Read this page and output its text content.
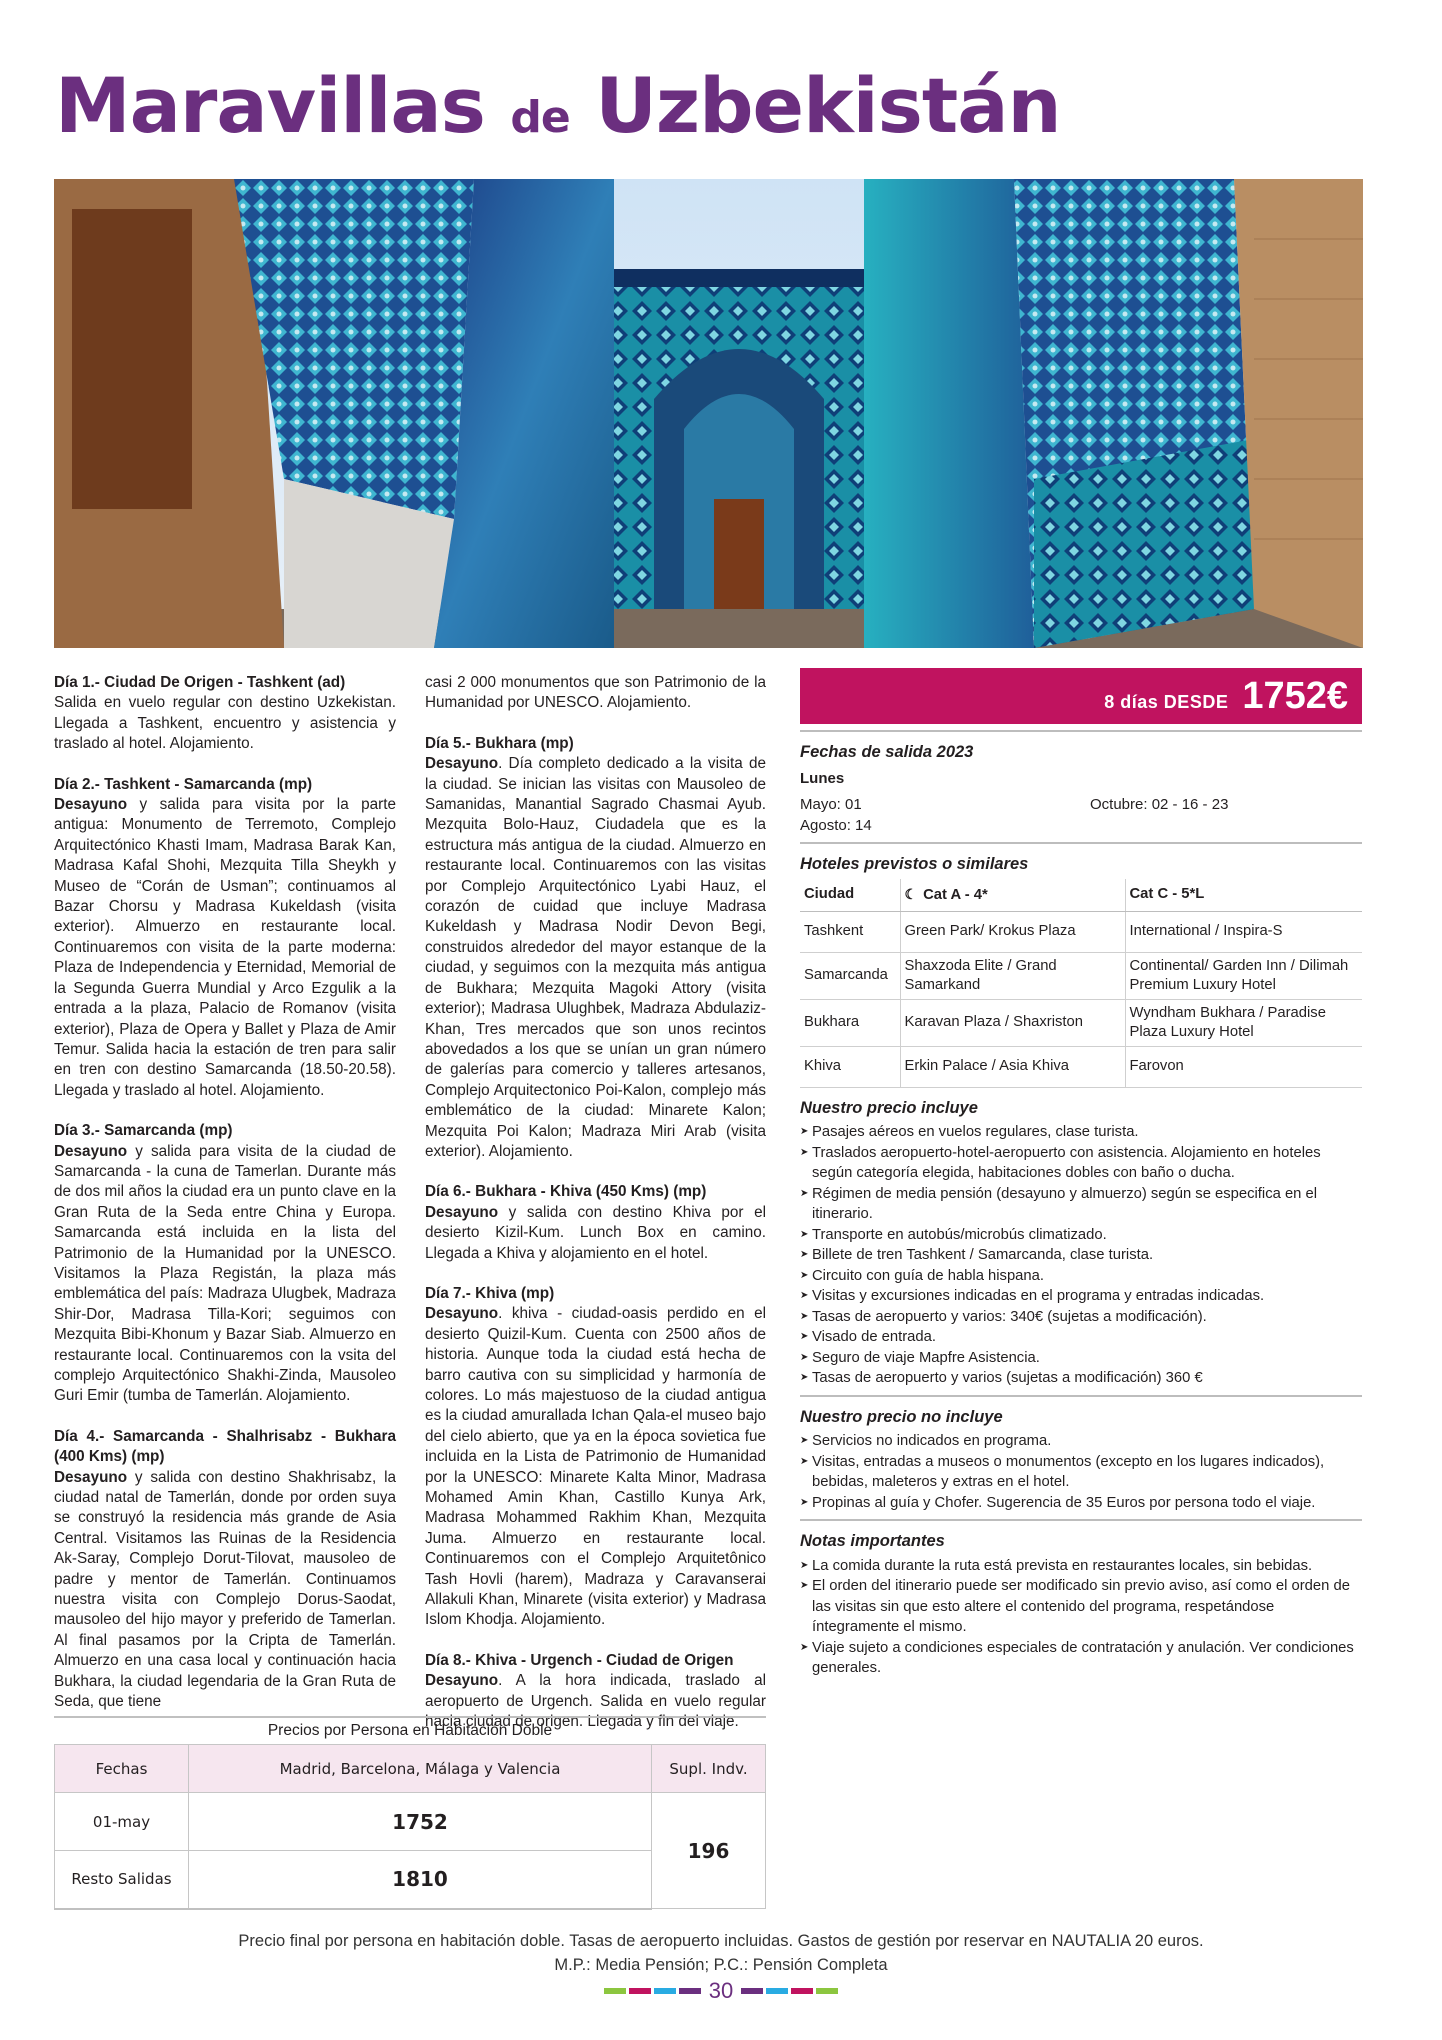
Maravillas de Uzbekistán
Día 1.- Ciudad De Origen - Tashkent (ad)

Salida en vuelo regular con destino Uzkekistan. Llegada a Tashkent, encuentro y asistencia y traslado al hotel. Alojamiento.

Día 2.- Tashkent - Samarcanda (mp)

Desayuno y salida para visita por la parte antigua: Monumento de Terremoto, Complejo Arquitectónico Khasti Imam, Madrasa Barak Kan, Madrasa Kafal Shohi, Mezquita Tilla Sheykh y Museo de “Corán de Usman”; continuamos al Bazar Chorsu y Madrasa Kukeldash (visita exterior). Almuerzo en restaurante local. Continuaremos con visita de la parte moderna: Plaza de Independencia y Eternidad, Memorial de la Segunda Guerra Mundial y Arco Ezgulik a la entrada a la plaza, Palacio de Romanov (visita exterior), Plaza de Opera y Ballet y Plaza de Amir Temur. Salida hacia la estación de tren para salir en tren con destino Samarcanda (18.50-20.58). Llegada y traslado al hotel. Alojamiento.

Día 3.- Samarcanda (mp)

Desayuno y salida para visita de la ciudad de Samarcanda - la cuna de Tamerlan. Durante más de dos mil años la ciudad era un punto clave en la Gran Ruta de la Seda entre China y Europa. Samarcanda está incluida en la lista del Patrimonio de la Humanidad por la UNESCO. Visitamos la Plaza Registán, la plaza más emblemática del país: Madraza Ulugbek, Madraza Shir-Dor, Madrasa Tilla-Kori; seguimos con Mezquita Bibi-Khonum y Bazar Siab. Almuerzo en restaurante local. Continuaremos con la vsita del complejo Arquitectónico Shakhi-Zinda, Mausoleo Guri Emir (tumba de Tamerlán. Alojamiento.

Día 4.- Samarcanda - Shalhrisabz - Bukhara (400 Kms) (mp)

Desayuno y salida con destino Shakhrisabz, la ciudad natal de Tamerlán, donde por orden suya se construyó la residencia más grande de Asia Central. Visitamos las Ruinas de la Residencia Ak-Saray, Complejo Dorut-Tilovat, mausoleo de padre y mentor de Tamerlán. Continuamos nuestra visita con Complejo Dorus-Saodat, mausoleo del hijo mayor y preferido de Tamerlan. Al final pasamos por la Cripta de Tamerlán. Almuerzo en una casa local y continuación hacia Bukhara, la ciudad legendaria de la Gran Ruta de Seda, que tiene

casi 2 000 monumentos que son Patrimonio de la Humanidad por UNESCO. Alojamiento.

Día 5.- Bukhara (mp)

Desayuno. Día completo dedicado a la visita de la ciudad. Se inician las visitas con Mausoleo de Samanidas, Manantial Sagrado Chasmai Ayub. Mezquita Bolo-Hauz, Ciudadela que es la estructura más antigua de la ciudad. Almuerzo en restaurante local. Continuaremos con las visitas por Complejo Arquitectónico Lyabi Hauz, el corazón de cuidad que incluye Madrasa Kukeldash y Madrasa Nodir Devon Begi, construidos alrededor del mayor estanque de la ciudad, y seguimos con la mezquita más antigua de Bukhara; Mezquita Magoki Attory (visita exterior); Madrasa Ulughbek, Madraza Abdulaziz-Khan, Tres mercados que son unos recintos abovedados a los que se unían un gran número de galerías para comercio y talleres artesanos, Complejo Arquitectonico Poi-Kalon, complejo más emblemático de la ciudad: Minarete Kalon; Mezquita Poi Kalon; Madraza Miri Arab (visita exterior). Alojamiento.

Día 6.- Bukhara - Khiva (450 Kms) (mp)

Desayuno y salida con destino Khiva por el desierto Kizil-Kum. Lunch Box en camino. Llegada a Khiva y alojamiento en el hotel.

Día 7.- Khiva (mp)

Desayuno. khiva - ciudad-oasis perdido en el desierto Quizil-Kum. Cuenta con 2500 años de historia. Aunque toda la ciudad está hecha de barro cautiva con su simplicidad y harmonía de colores. Lo más majestuoso de la ciudad antigua es la ciudad amurallada Ichan Qala-el museo bajo del cielo abierto, que ya en la época sovietica fue incluida en la Lista de Patrimonio de Humanidad por la UNESCO: Minarete Kalta Minor, Madrasa Mohamed Amin Khan, Castillo Kunya Ark, Madrasa Mohammed Rakhim Khan, Mezquita Juma. Almuerzo en restaurante local. Continuaremos con el Complejo Arquitetônico Tash Hovli (harem), Madraza y Caravanserai Allakuli Khan, Minarete (visita exterior) y Madrasa Islom Khodja. Alojamiento.

Día 8.- Khiva - Urgench - Ciudad de Origen

Desayuno. A la hora indicada, traslado al aeropuerto de Urgench. Salida en vuelo regular hacia ciudad de origen. Llegada y fin del viaje.

8 días DESDE 1752€
Fechas de salida 2023
Lunes
Mayo: 01
Agosto: 14
Octubre: 02 - 16 - 23
Hoteles previstos o similares
Ciudad	☾ Cat A - 4*	Cat C - 5*L
Tashkent	Green Park/ Krokus Plaza	International / Inspira-S
Samarcanda	Shaxzoda Elite / Grand Samarkand	Continental/ Garden Inn / Dilimah Premium Luxury Hotel
Bukhara	Karavan Plaza / Shaxriston	Wyndham Bukhara / Paradise Plaza Luxury Hotel
Khiva	Erkin Palace / Asia Khiva	Farovon
Nuestro precio incluye
➤ Pasajes aéreos en vuelos regulares, clase turista.
➤ Traslados aeropuerto-hotel-aeropuerto con asistencia. Alojamiento en hoteles según categoría elegida, habitaciones dobles con baño o ducha.
➤ Régimen de media pensión (desayuno y almuerzo) según se especifica en el itinerario.
➤ Transporte en autobús/microbús climatizado.
➤ Billete de tren Tashkent / Samarcanda, clase turista.
➤ Circuito con guía de habla hispana.
➤ Visitas y excursiones indicadas en el programa y entradas indicadas.
➤ Tasas de aeropuerto y varios: 340€ (sujetas a modificación).
➤ Visado de entrada.
➤ Seguro de viaje Mapfre Asistencia.
➤ Tasas de aeropuerto y varios (sujetas a modificación) 360 €
Nuestro precio no incluye
➤ Servicios no indicados en programa.
➤ Visitas, entradas a museos o monumentos (excepto en los lugares indicados), bebidas, maleteros y extras en el hotel.
➤ Propinas al guía y Chofer. Sugerencia de 35 Euros por persona todo el viaje.
Notas importantes
➤ La comida durante la ruta está prevista en restaurantes locales, sin bebidas.
➤ El orden del itinerario puede ser modificado sin previo aviso, así como el orden de las visitas sin que esto altere el contenido del programa, respetándose íntegramente el mismo.
➤ Viaje sujeto a condiciones especiales de contratación y anulación. Ver condiciones generales.
Precios por Persona en Habitación Doble
Fechas	Madrid, Barcelona, Málaga y Valencia	Supl. Indv.
01-may	1752	196
Resto Salidas	1810	
Precio final por persona en habitación doble. Tasas de aeropuerto incluidas. Gastos de gestión por reservar en NAUTALIA 20 euros.
M.P.: Media Pensión; P.C.: Pensión Completa
30
